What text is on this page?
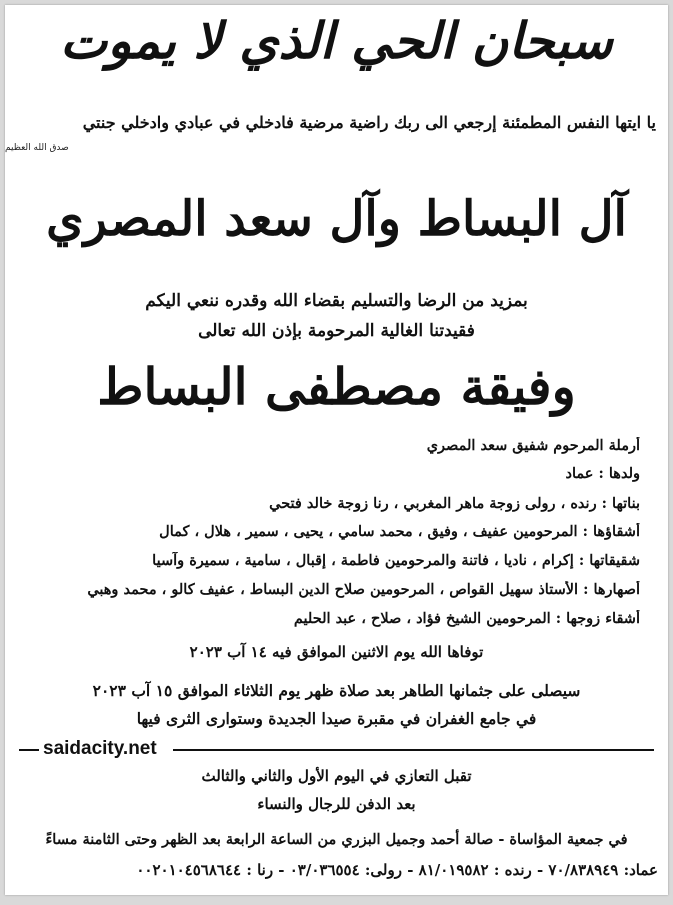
سبحان الحي الذي لا يموت
يا ايتها النفس المطمئنة إرجعي الى ربك راضية مرضية فادخلي في عبادي وادخلي جنتي
صدق الله العظيم
آل البساط وآل سعد المصري
بمزيد من الرضا والتسليم بقضاء الله وقدره ننعي اليكم
فقيدتنا الغالية المرحومة بإذن الله تعالى
وفيقة مصطفى البساط
أرملة المرحوم شفيق سعد المصري
ولدها : عماد
بناتها : رنده ، رولى زوجة ماهر المغربي ، رنا زوجة خالد فتحي
أشقاؤها : المرحومين عفيف ، وفيق ، محمد سامي ، يحيى ، سمير ، هلال ، كمال
شقيقاتها : إكرام ، ناديا ، فاتنة والمرحومين فاطمة ، إقبال ، سامية ، سميرة وآسيا
أصهارها : الأستاذ سهيل القواص ، المرحومين صلاح الدين البساط ، عفيف كالو ، محمد وهبي
أشقاء زوجها : المرحومين الشيخ فؤاد ، صلاح ، عبد الحليم
توفاها الله يوم الاثنين الموافق فيه ١٤ آب ٢٠٢٣
سيصلى على جثمانها الطاهر بعد صلاة ظهر يوم الثلاثاء الموافق ١٥ آب ٢٠٢٣
في جامع الغفران في مقبرة صيدا الجديدة وستوارى الثرى فيها
saidacity.net
تقبل التعازي في اليوم الأول والثاني والثالث
بعد الدفن للرجال والنساء
في جمعية المؤاساة - صالة أحمد وجميل البزري من الساعة الرابعة بعد الظهر وحتى الثامنة مساءً
عماد: ٧٠/٨٣٨٩٤٩ - رنده : ٨١/٠١٩٥٨٢ - رولى: ٠٣/٠٣٦٥٥٤ - رنا : ٠٠٢٠١٠٤٥٦٨٦٤٤
